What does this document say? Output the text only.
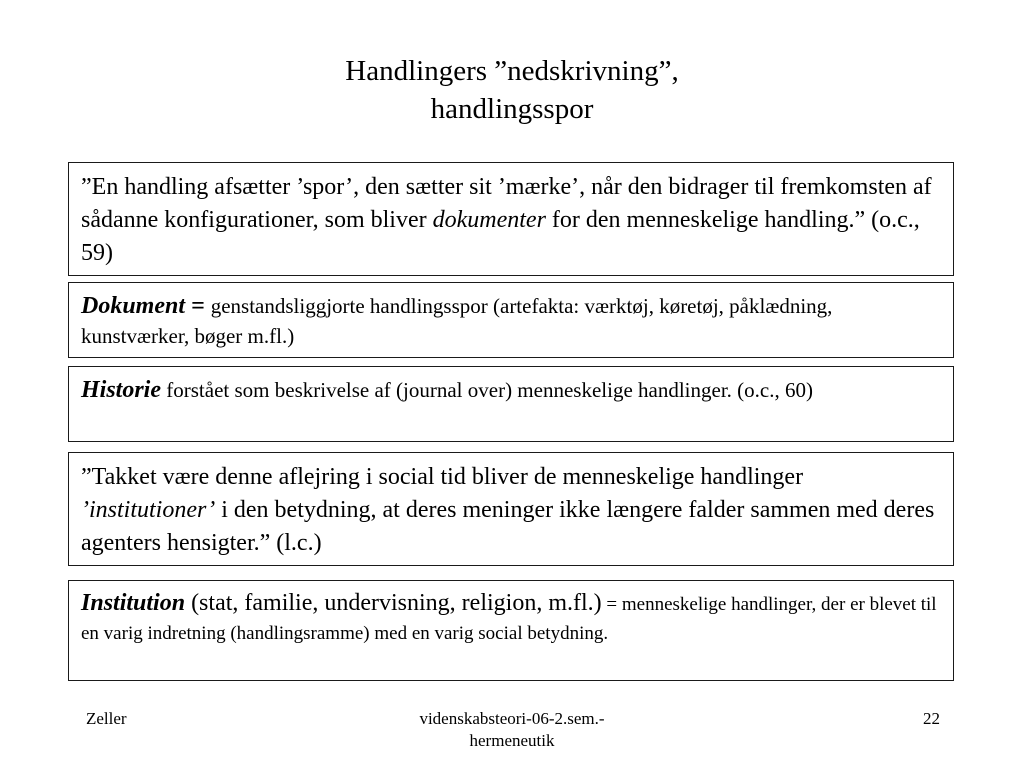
Handlingers ”nedskrivning”,
handlingsspor
”En handling afsætter ’spor’, den sætter sit ’mærke’, når den bidrager til fremkomsten af sådanne konfigurationer, som bliver dokumenter for den menneskelige handling.” (o.c., 59)
Dokument = genstandsliggjorte handlingsspor (artefakta: værktøj, køretøj, påklædning, kunstværker, bøger m.fl.)
Historie forstået som beskrivelse af (journal over) menneskelige handlinger. (o.c., 60)
”Takket være denne aflejring i social tid bliver de menneskelige handlinger ’institutioner’ i den betydning, at deres meninger ikke længere falder sammen med deres agenters hensigter.” (l.c.)
Institution (stat, familie, undervisning, religion, m.fl.) = menneskelige handlinger, der er blevet til en varig indretning (handlingsramme) med en varig social betydning.
Zeller	videnskabsteori-06-2.sem.-
hermeneutik
22
